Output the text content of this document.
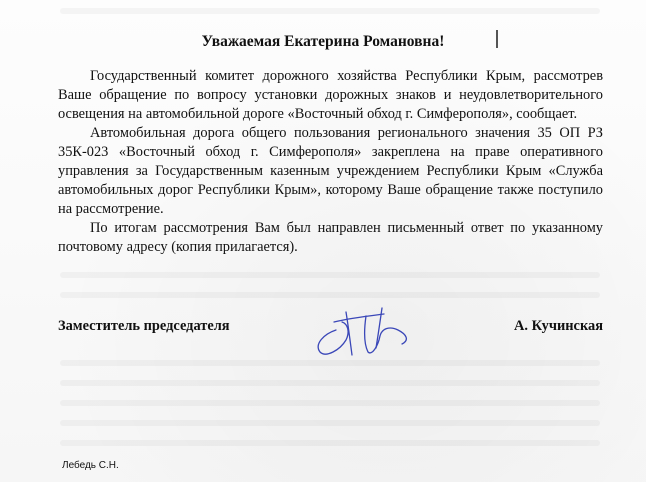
Уважаемая Екатерина Романовна!

Государственный комитет дорожного хозяйства Республики Крым, рассмотрев Ваше обращение по вопросу установки дорожных знаков и неудовлетворительного освещения на автомобильной дороге «Восточный обход г. Симферополя», сообщает.

Автомобильная дорога общего пользования регионального значения 35 ОП РЗ 35К-023 «Восточный обход г. Симферополя» закреплена на праве оперативного управления за Государственным казенным учреждением Республики Крым «Служба автомобильных дорог Республики Крым», которому Ваше обращение также поступило на рассмотрение.

По итогам рассмотрения Вам был направлен письменный ответ по указанному почтовому адресу (копия прилагается).

Заместитель председателя	А. Кучинская
Лебедь С.Н.
